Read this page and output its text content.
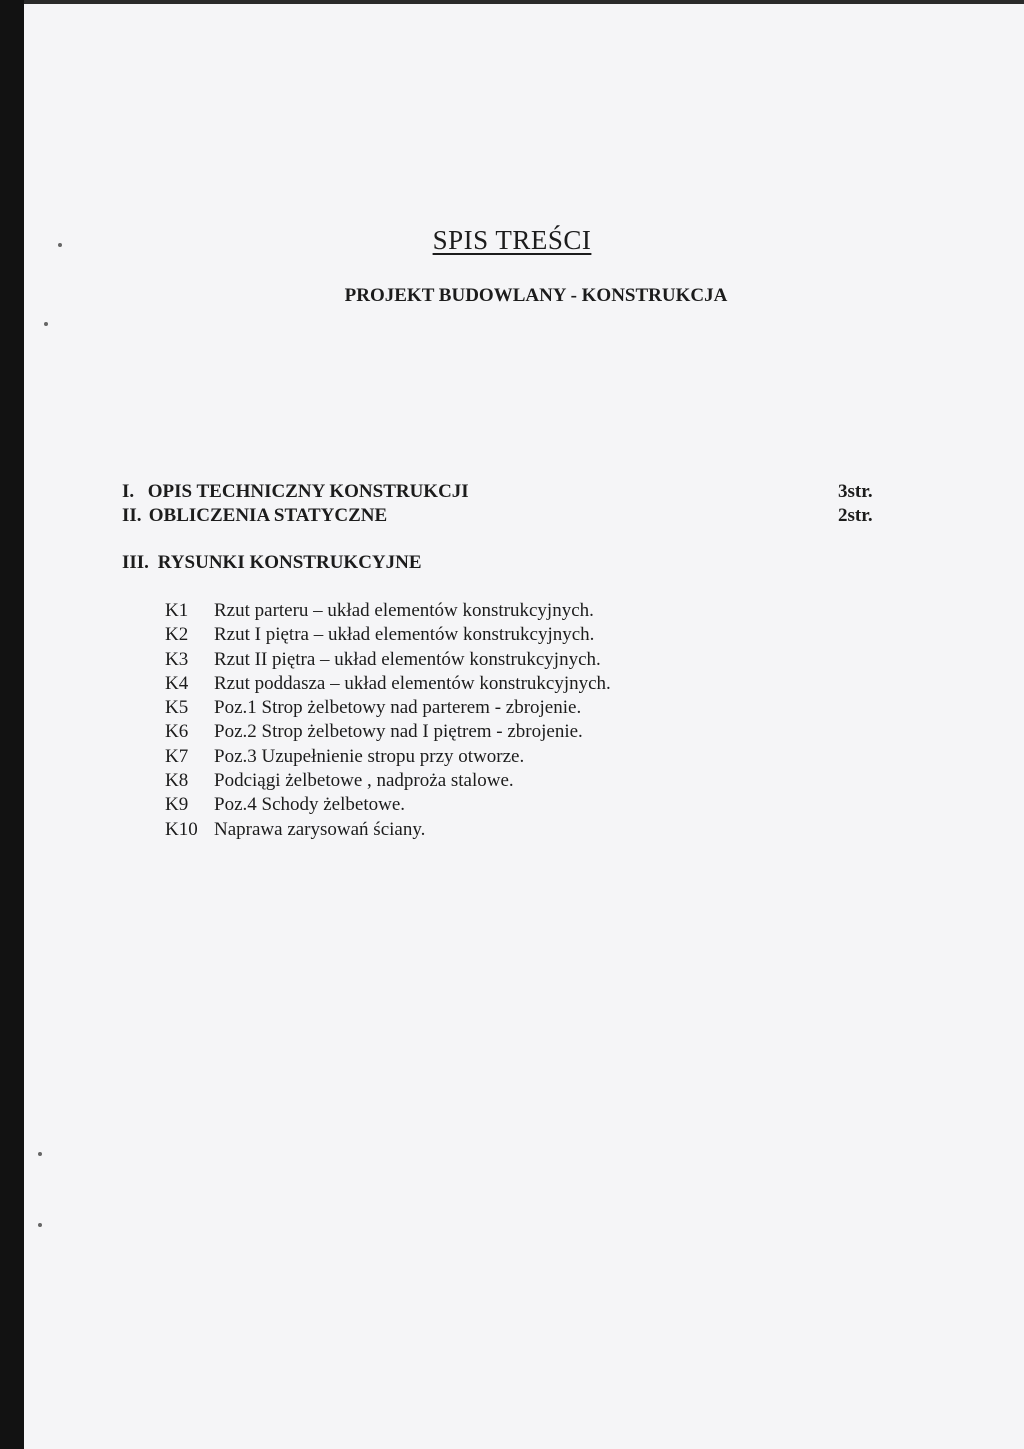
SPIS TREŚCI
PROJEKT BUDOWLANY - KONSTRUKCJA
I. OPIS TECHNICZNY KONSTRUKCJI	3str.
II. OBLICZENIA STATYCZNE	2str.
III. RYSUNKI KONSTRUKCYJNE
K1 Rzut parteru – układ elementów konstrukcyjnych.
K2 Rzut I piętra – układ elementów konstrukcyjnych.
K3 Rzut II piętra – układ elementów konstrukcyjnych.
K4 Rzut poddasza – układ elementów konstrukcyjnych.
K5 Poz.1 Strop żelbetowy nad parterem - zbrojenie.
K6 Poz.2 Strop żelbetowy nad I piętrem - zbrojenie.
K7 Poz.3 Uzupełnienie stropu przy otworze.
K8 Podciągi żelbetowe , nadproża stalowe.
K9 Poz.4 Schody żelbetowe.
K10 Naprawa zarysowań ściany.
